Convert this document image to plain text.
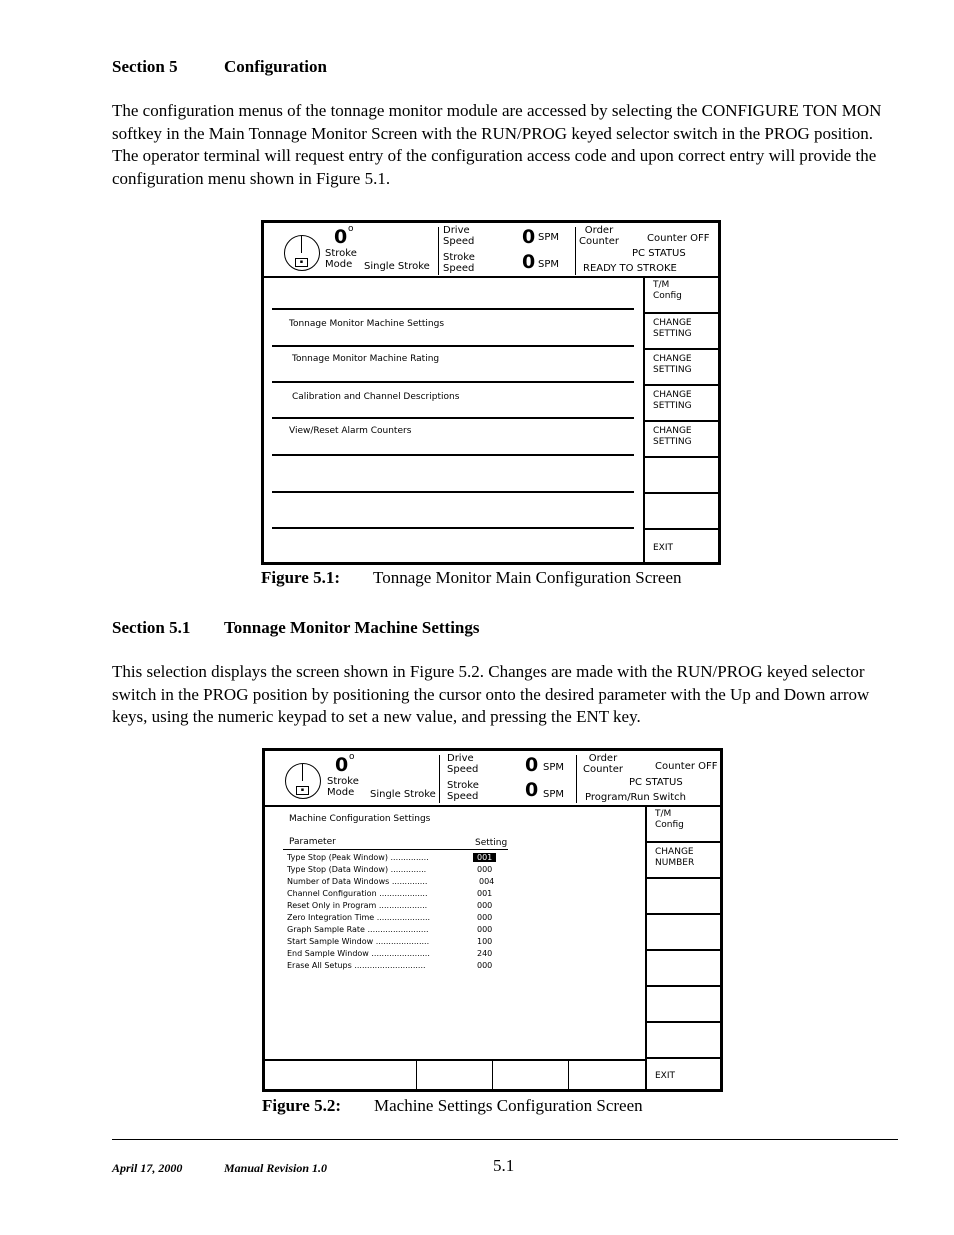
Section 5	Configuration
The configuration menus of the tonnage monitor module are accessed by selecting the CONFIGURE TON MON softkey in the Main Tonnage Monitor Screen with the RUN/PROG keyed selector switch in the PROG position. The operator terminal will request entry of the configuration access code and upon correct entry will provide the configuration menu shown in Figure 5.1.
▪
0 o
Stroke
Mode	Single Stroke
Drive
Speed
Stroke
Speed
0 SPM
0 SPM
Order
Counter	Counter OFF
PC STATUS
READY TO STROKE
Tonnage Monitor Machine Settings
Tonnage Monitor Machine Rating
Calibration and Channel Descriptions
View/Reset Alarm Counters
T/M
Config
CHANGE
SETTING
CHANGE
SETTING
CHANGE
SETTING
CHANGE
SETTING
EXIT
Figure 5.1: Tonnage Monitor Main Configuration Screen
Section 5.1 Tonnage Monitor Machine Settings
This selection displays the screen shown in Figure 5.2. Changes are made with the RUN/PROG keyed selector switch in the PROG position by positioning the cursor onto the desired parameter with the Up and Down arrow keys, using the numeric keypad to set a new value, and pressing the ENT key.
▪
0 o
Stroke
Mode	Single Stroke
Drive
Speed
Stroke
Speed
0 SPM
0 SPM
Order
Counter	Counter OFF
PC STATUS
Program/Run Switch
Machine Configuration Settings
Parameter	Setting
Type Stop (Peak Window) ...............	001
Type Stop (Data Window) ..............	000
Number of Data Windows ..............	004
Channel Configuration ...................	001
Reset Only in Program ...................	000
Zero Integration Time .....................	000
Graph Sample Rate ........................	000
Start Sample Window .....................	100
End Sample Window .......................	240
Erase All Setups ............................	000
T/M
Config
CHANGE
NUMBER
EXIT
Figure 5.2: Machine Settings Configuration Screen
April 17, 2000	Manual Revision 1.0	5.1
